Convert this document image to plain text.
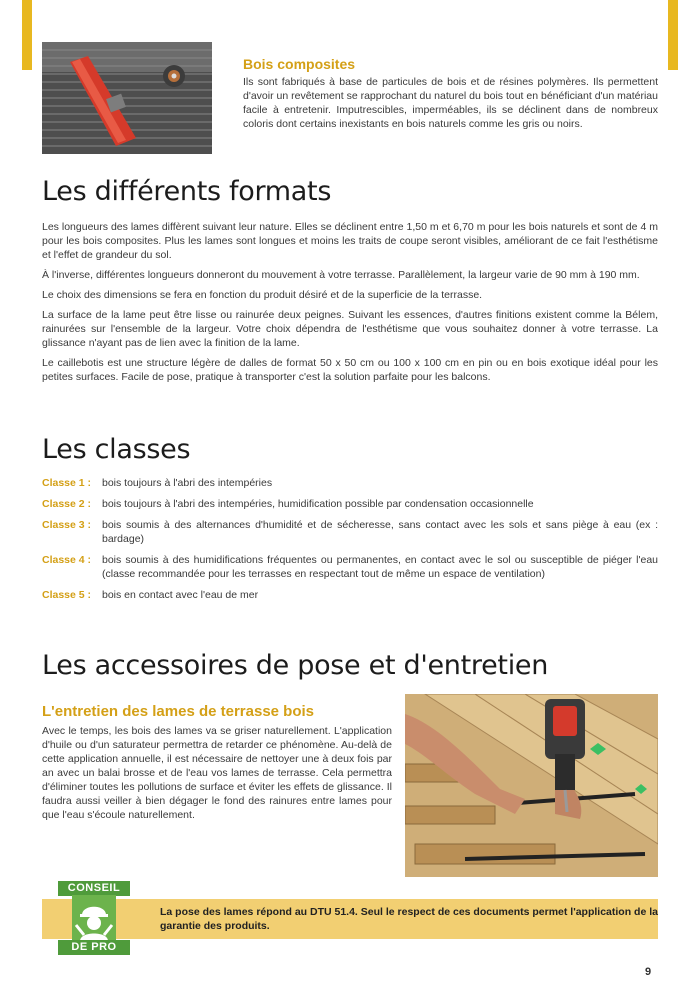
Bois composites
Ils sont fabriqués à base de particules de bois et de résines polymères. Ils permettent d'avoir un revêtement se rapprochant du naturel du bois tout en bénéficiant d'un matériau facile à entretenir. Imputrescibles, imperméables, ils se déclinent dans de nombreux coloris dont certains inexistants en bois naturels comme les gris ou noirs.
Les différents formats

Les longueurs des lames diffèrent suivant leur nature. Elles se déclinent entre 1,50 m et 6,70 m pour les bois naturels et sont de 4 m pour les bois composites. Plus les lames sont longues et moins les traits de coupe seront visibles, améliorant de ce fait l'esthétisme et l'effet de grandeur du sol.

À l'inverse, différentes longueurs donneront du mouvement à votre terrasse. Parallèlement, la largeur varie de 90 mm à 190 mm.

Le choix des dimensions se fera en fonction du produit désiré et de la superficie de la terrasse.

La surface de la lame peut être lisse ou rainurée deux peignes. Suivant les essences, d'autres finitions existent comme la Bélem, rainurées sur l'ensemble de la largeur. Votre choix dépendra de l'esthétisme que vous souhaitez donner à votre terrasse. La glissance n'ayant pas de lien avec la finition de la lame.

Le caillebotis est une structure légère de dalles de format 50 x 50 cm ou 100 x 100 cm en pin ou en bois exotique idéal pour les petites surfaces. Facile de pose, pratique à transporter c'est la solution parfaite pour les balcons.

Les classes
Classe 1 :	bois toujours à l'abri des intempéries
Classe 2 :	bois toujours à l'abri des intempéries, humidification possible par condensation occasionnelle
Classe 3 :	bois soumis à des alternances d'humidité et de sécheresse, sans contact avec les sols et sans piège à eau (ex : bardage)
Classe 4 :	bois soumis à des humidifications fréquentes ou permanentes, en contact avec le sol ou susceptible de piéger l'eau (classe recommandée pour les terrasses en respectant tout de même un espace de ventilation)
Classe 5 :	bois en contact avec l'eau de mer
Les accessoires de pose et d'entretien
L'entretien des lames de terrasse bois
Avec le temps, les bois des lames va se griser naturellement. L'application d'huile ou d'un saturateur permettra de retarder ce phénomène. Au-delà de cette application annuelle, il est nécessaire de nettoyer une à deux fois par an avec un balai brosse et de l'eau vos lames de terrasse. Cela permettra d'éliminer toutes les pollutions de surface et éviter les effets de glissance. Il faudra aussi veiller à bien dégager le fond des rainures entre lames pour que l'eau s'écoule naturellement.
CONSEIL
DE PRO
La pose des lames répond au DTU 51.4. Seul le respect de ces documents permet l'application de la garantie des produits.
9
